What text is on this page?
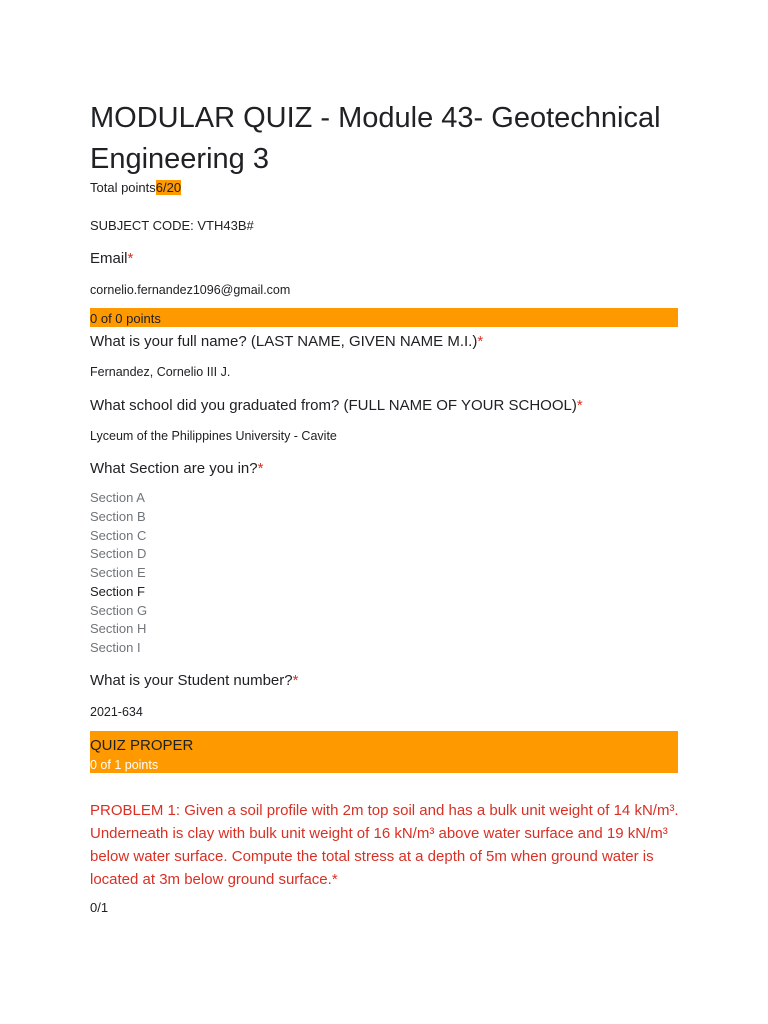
MODULAR QUIZ - Module 43- Geotechnical Engineering 3
Total points6/20
SUBJECT CODE: VTH43B#
Email*
cornelio.fernandez1096@gmail.com
0 of 0 points
What is your full name? (LAST NAME, GIVEN NAME M.I.)*
Fernandez, Cornelio III J.
What school did you graduated from? (FULL NAME OF YOUR SCHOOL)*
Lyceum of the Philippines University - Cavite
What Section are you in?*
Section A
Section B
Section C
Section D
Section E
Section F
Section G
Section H
Section I
What is your Student number?*
2021-634
QUIZ PROPER
0 of 1 points
PROBLEM 1: Given a soil profile with 2m top soil and has a bulk unit weight of 14 kN/m³. Underneath is clay with bulk unit weight of 16 kN/m³ above water surface and 19 kN/m³ below water surface. Compute the total stress at a depth of 5m when ground water is located at 3m below ground surface.*
0/1
